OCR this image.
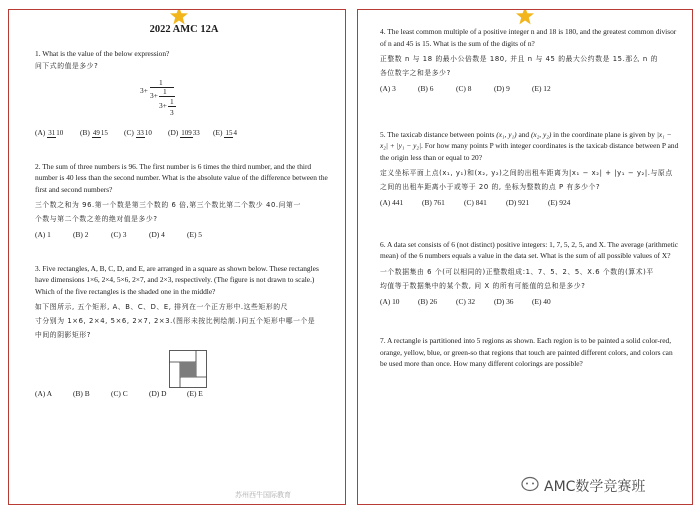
2022 AMC 12A
1. What is the value of the below expression?
问下式的值是多少?
3+
1
3+ 1
3+ 1
3
(A) 3110	(B) 4915	(C) 3310	(D) 10933	(E) 154
2. The sum of three numbers is 96. The first number is 6 times the third number, and the third number is 40 less than the second number. What is the absolute value of the difference between the first and second numbers?
三个数之和为 96.第一个数是第三个数的 6 倍,第三个数比第二个数少 40.问第一
个数与第二个数之差的绝对值是多少?
(A) 1	(B) 2	(C) 3	(D) 4	(E) 5
3. Five rectangles, A, B, C, D, and E, are arranged in a square as shown below. These rectangles have dimensions 1×6, 2×4, 5×6, 2×7, and 2×3, respectively. (The figure is not drawn to scale.) Which of the five rectangles is the shaded one in the middle?
如下图所示, 五个矩形, A、B、C、D、E, 排列在一个正方形中.这些矩形的尺
寸分别为 1×6, 2×4, 5×6, 2×7, 2×3.(图形未按比例绘制.)问五个矩形中哪一个是
中间的阴影矩形?
(A) A	(B) B	(C) C	(D) D	(E) E
苏州西牛国际教育
4. The least common multiple of a positive integer n and 18 is 180, and the greatest common divisor of n and 45 is 15. What is the sum of the digits of n?
正整数 n 与 18 的最小公倍数是 180, 并且 n 与 45 的最大公约数是 15.那么 n 的
各位数字之和是多少?
(A) 3	(B) 6	(C) 8	(D) 9	(E) 12
5. The taxicab distance between points (x₁, y₁) and (x₂, y₂) in the coordinate plane is given by |x₁ − x₂| + |y₁ − y₂|. For how many points P with integer coordinates is the taxicab distance between P and the origin less than or equal to 20?
定义坐标平面上点(x₁, y₁)和(x₂, y₂)之间的出租车距离为|x₁ − x₂| + |y₁ − y₂|.与原点
之间的出租车距离小于或等于 20 的, 坐标为整数的点 P 有多少个?
(A) 441	(B) 761	(C) 841	(D) 921	(E) 924
6. A data set consists of 6 (not distinct) positive integers: 1, 7, 5, 2, 5, and X. The average (arithmetic mean) of the 6 numbers equals a value in the data set. What is the sum of all possible values of X?
一个数据集由 6 个(可以相同的)正整数组成:1、7、5、2、5、X.6 个数的(算术)平
均值等于数据集中的某个数, 问 X 的所有可能值的总和是多少?
(A) 10	(B) 26	(C) 32	(D) 36	(E) 40
7. A rectangle is partitioned into 5 regions as shown. Each region is to be painted a solid color-red, orange, yellow, blue, or green-so that regions that touch are painted different colors, and colors can be used more than once. How many different colorings are possible?
AMC数学竞赛班
